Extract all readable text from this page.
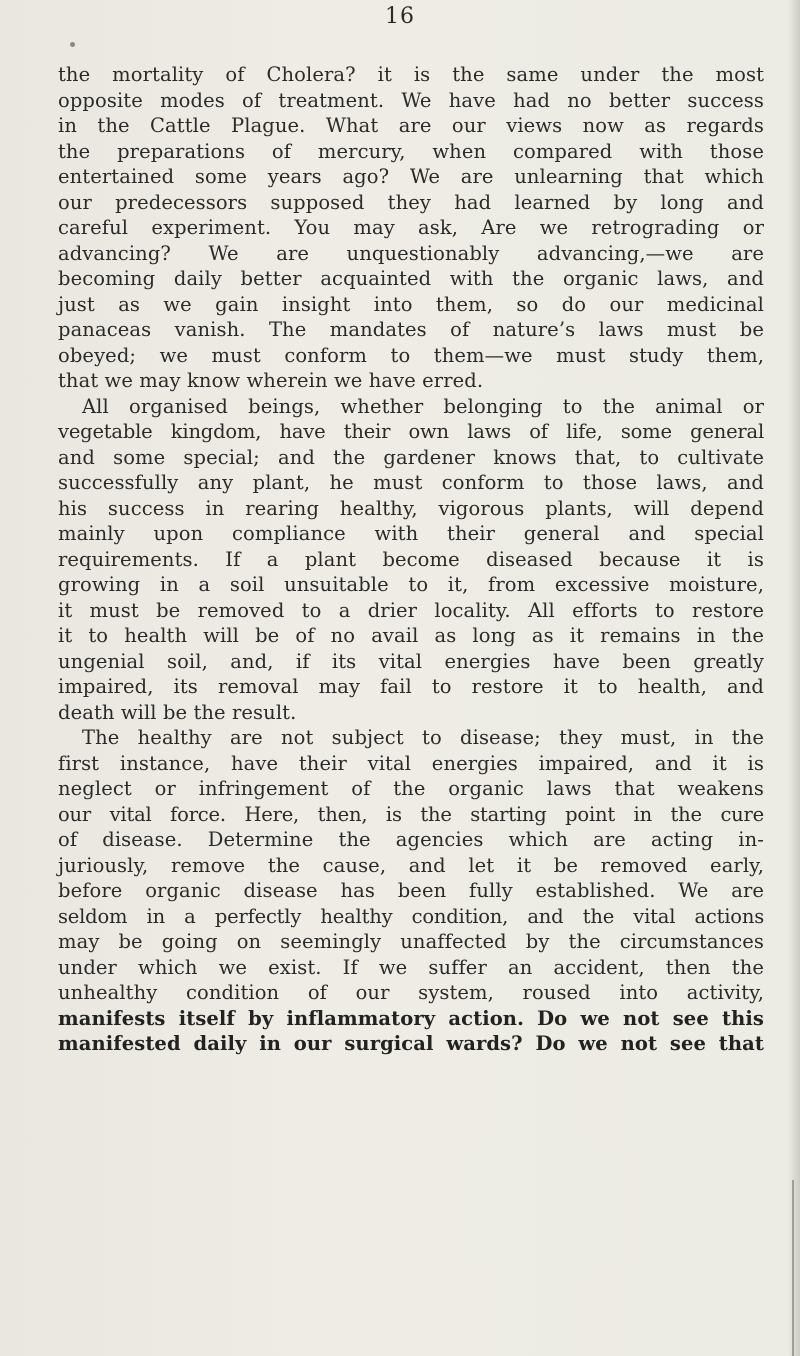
16
the mortality of Cholera? it is the same under the most
opposite modes of treatment. We have had no better success
in the Cattle Plague. What are our views now as regards
the preparations of mercury, when compared with those
entertained some years ago? We are unlearning that which
our predecessors supposed they had learned by long and
careful experiment. You may ask, Are we retrograding or
advancing? We are unquestionably advancing,—we are
becoming daily better acquainted with the organic laws, and
just as we gain insight into them, so do our medicinal
panaceas vanish. The mandates of nature’s laws must be
obeyed; we must conform to them—we must study them,
that we may know wherein we have erred.
All organised beings, whether belonging to the animal or
vegetable kingdom, have their own laws of life, some general
and some special; and the gardener knows that, to cultivate
successfully any plant, he must conform to those laws, and
his success in rearing healthy, vigorous plants, will depend
mainly upon compliance with their general and special
requirements. If a plant become diseased because it is
growing in a soil unsuitable to it, from excessive moisture,
it must be removed to a drier locality. All efforts to restore
it to health will be of no avail as long as it remains in the
ungenial soil, and, if its vital energies have been greatly
impaired, its removal may fail to restore it to health, and
death will be the result.
The healthy are not subject to disease; they must, in the
first instance, have their vital energies impaired, and it is
neglect or infringement of the organic laws that weakens
our vital force. Here, then, is the starting point in the cure
of disease. Determine the agencies which are acting in-
juriously, remove the cause, and let it be removed early,
before organic disease has been fully established. We are
seldom in a perfectly healthy condition, and the vital actions
may be going on seemingly unaffected by the circumstances
under which we exist. If we suffer an accident, then the
unhealthy condition of our system, roused into activity,
manifests itself by inflammatory action. Do we not see this
manifested daily in our surgical wards? Do we not see that
